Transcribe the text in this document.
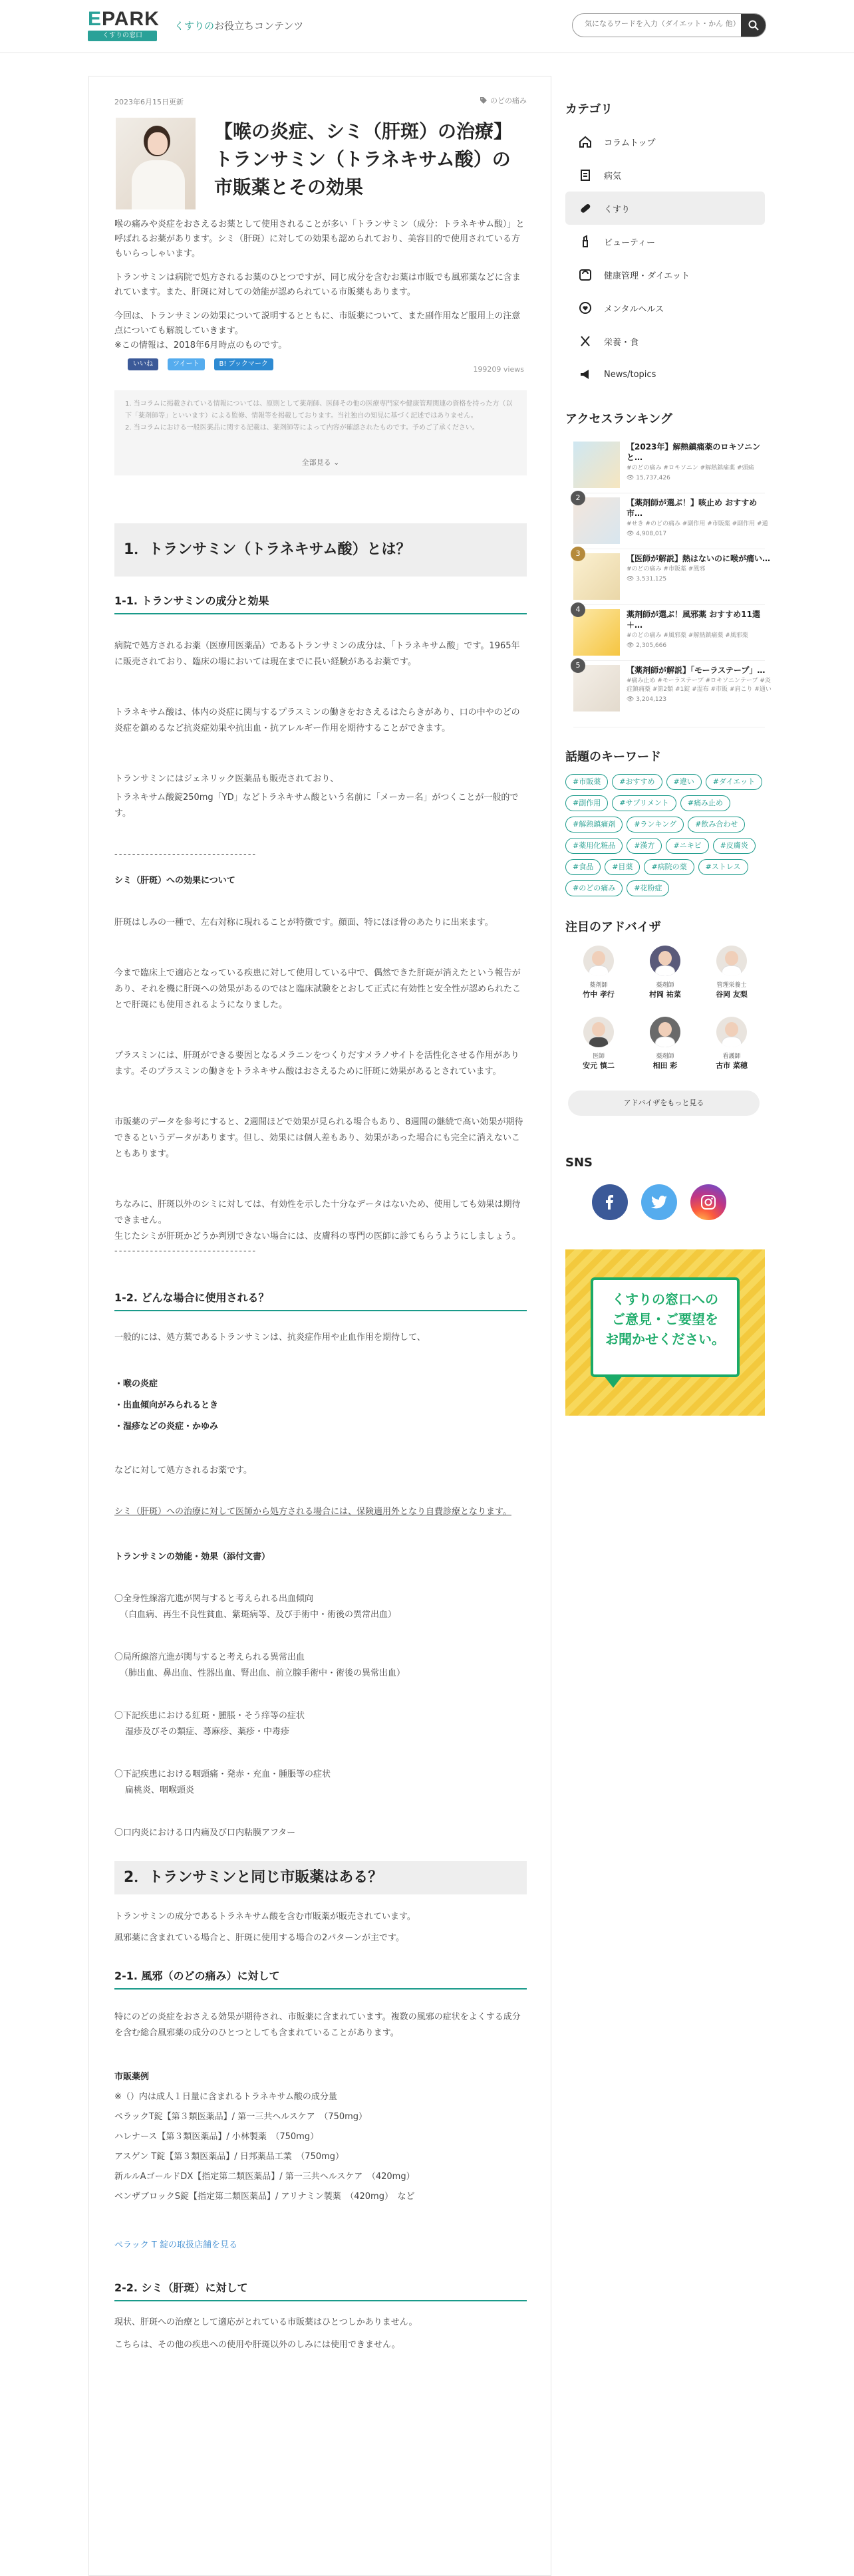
EPARK
くすりの窓口
くすりのお役立ちコンテンツ
気になるワードを入力（ダイエット・かん 他）
2023年6月15日更新	のどの痛み
【喉の炎症、シミ（肝斑）の治療】トランサミン（トラネキサム酸）の市販薬とその効果

喉の痛みや炎症をおさえるお薬として使用されることが多い「トランサミン（成分：トラネキサム酸）」と呼ばれるお薬があります。シミ（肝斑）に対しての効果も認められており、美容目的で使用されている方もいらっしゃいます。

トランサミンは病院で処方されるお薬のひとつですが、同じ成分を含むお薬は市販でも風邪薬などに含まれています。また、肝斑に対しての効能が認められている市販薬もあります。

今回は、トランサミンの効果について説明するとともに、市販薬について、また副作用など服用上の注意点についても解説していきます。
※この情報は、2018年6月時点のものです。

いいね	ツイート	B! ブックマーク
199209 views
1. 当コラムに掲載されている情報については、原則として薬剤師、医師その他の医療専門家や健康管理関連の資格を持った方（以下「薬剤師等」といいます）による監修、情報等を掲載しております。当社独自の知見に基づく記述ではありません。
2. 当コラムにおける一般医薬品に関する記載は、薬剤師等によって内容が確認されたものです。予めご了承ください。
全部見る ⌄
1．トランサミン（トラネキサム酸）とは？
1-1. トランサミンの成分と効果

病院で処方されるお薬（医療用医薬品）であるトランサミンの成分は、「トラネキサム酸」です。1965年に販売されており、臨床の場においては現在までに長い経験があるお薬です。

トラネキサム酸は、体内の炎症に関与するプラスミンの働きをおさえるはたらきがあり、口の中やのどの炎症を鎮めるなど抗炎症効果や抗出血・抗アレルギー作用を期待することができます。

トランサミンにはジェネリック医薬品も販売されており、

トラネキサム酸錠250mg「YD」などトラネキサム酸という名前に「メーカー名」がつくことが一般的です。

--------------------------------

シミ（肝斑）への効果について

肝斑はしみの一種で、左右対称に現れることが特徴です。顔面、特にほほ骨のあたりに出来ます。

今まで臨床上で適応となっている疾患に対して使用している中で、偶然できた肝斑が消えたという報告があり、それを機に肝斑への効果があるのではと臨床試験をとおして正式に有効性と安全性が認められたことで肝斑にも使用されるようになりました。

プラスミンには、肝斑ができる要因となるメラニンをつくりだすメラノサイトを活性化させる作用があります。そのプラスミンの働きをトラネキサム酸はおさえるために肝斑に効果があるとされています。

市販薬のデータを参考にすると、2週間ほどで効果が見られる場合もあり、8週間の継続で高い効果が期待できるというデータがあります。但し、効果には個人差もあり、効果があった場合にも完全に消えないこともあります。

ちなみに、肝斑以外のシミに対しては、有効性を示した十分なデータはないため、使用しても効果は期待できません。

生じたシミが肝斑かどうか判別できない場合には、皮膚科の専門の医師に診てもらうようにしましょう。

--------------------------------

1-2. どんな場合に使用される？

一般的には、処方薬であるトランサミンは、抗炎症作用や止血作用を期待して、

・喉の炎症

・出血傾向がみられるとき

・湿疹などの炎症・かゆみ

などに対して処方されるお薬です。

シミ（肝斑）への治療に対して医師から処方される場合には、保険適用外となり自費診療となります。

トランサミンの効能・効果（添付文書）

〇全身性線溶亢進が関与すると考えられる出血傾向

（白血病、再生不良性貧血、紫斑病等、及び手術中・術後の異常出血）

〇局所線溶亢進が関与すると考えられる異常出血

（肺出血、鼻出血、性器出血、腎出血、前立腺手術中・術後の異常出血）

〇下記疾患における紅斑・腫脹・そう痒等の症状

湿疹及びその類症、蕁麻疹、薬疹・中毒疹

〇下記疾患における咽頭痛・発赤・充血・腫脹等の症状

扁桃炎、咽喉頭炎

〇口内炎における口内痛及び口内粘膜アフター

2．トランサミンと同じ市販薬はある？

トランサミンの成分であるトラネキサム酸を含む市販薬が販売されています。

風邪薬に含まれている場合と、肝斑に使用する場合の2パターンが主です。

2-1. 風邪（のどの痛み）に対して

特にのどの炎症をおさえる効果が期待され、市販薬に含まれています。複数の風邪の症状をよくする成分を含む総合風邪薬の成分のひとつとしても含まれていることがあります。

市販薬例

※（）内は成人１日量に含まれるトラネキサム酸の成分量

ペラックT錠【第３類医薬品】/ 第一三共ヘルスケア　（750mg）

ハレナース【第３類医薬品】/ 小林製薬　（750mg）

アスゲン T錠【第３類医薬品】/ 日邦薬品工業　（750mg）

新ルルAゴールドDX【指定第二類医薬品】/ 第一三共ヘルスケア　（420mg）

ベンザブロックS錠【指定第二類医薬品】/ アリナミン製薬　（420mg）　など

ペラック T 錠の取扱店舗を見る

2-2. シミ（肝斑）に対して

現状、肝斑への治療として適応がとれている市販薬はひとつしかありません。

こちらは、その他の疾患への使用や肝斑以外のしみには使用できません。

カテゴリ
コラムトップ
病気
くすり
ビューティー
健康管理・ダイエット
メンタルヘルス
栄養・食
News/topics
アクセスランキング
【2023年】解熱鎮痛薬のロキソニンと…
#のどの痛み #ロキソニン #解熱鎮痛薬 #頭痛
👁 15,737,426
2
【薬剤師が選ぶ！】咳止め おすすめ市…
#せき #のどの痛み #副作用 #市販薬 #副作用 #通
👁 4,908,017
3
【医師が解説】熱はないのに喉が痛い…
#のどの痛み #市販薬 #風邪
👁 3,531,125
4
薬剤師が選ぶ！風邪薬 おすすめ11選＋…
#のどの痛み #風邪薬 #解熱鎮痛薬 #風邪薬
👁 2,305,666
5
【薬剤師が解説】「モーラステープ」…
#痛み止め #モーラステープ #ロキソニンテープ #炎症鎮痛薬 #第2類 #1錠 #湿布 #市販 #肩こり #通い
👁 3,204,123
話題のキーワード
#市販薬	#おすすめ	#違い	#ダイエット
#副作用	#サプリメント	#痛み止め
#解熱鎮痛剤	#ランキング	#飲み合わせ
#薬用化粧品	#漢方	#ニキビ	#皮膚炎
#食品	#目薬	#病院の薬	#ストレス
#のどの痛み	#花粉症
注目のアドバイザ
薬剤師
竹中 孝行
薬剤師
村岡 祐菜
管理栄養士
谷岡 友梨
医師
安元 慎二
薬剤師
相田 彩
看護師
古市 菜穂
アドバイザをもっと見る
SNS
くすりの窓口への
ご意見・ご要望を
お聞かせください。
